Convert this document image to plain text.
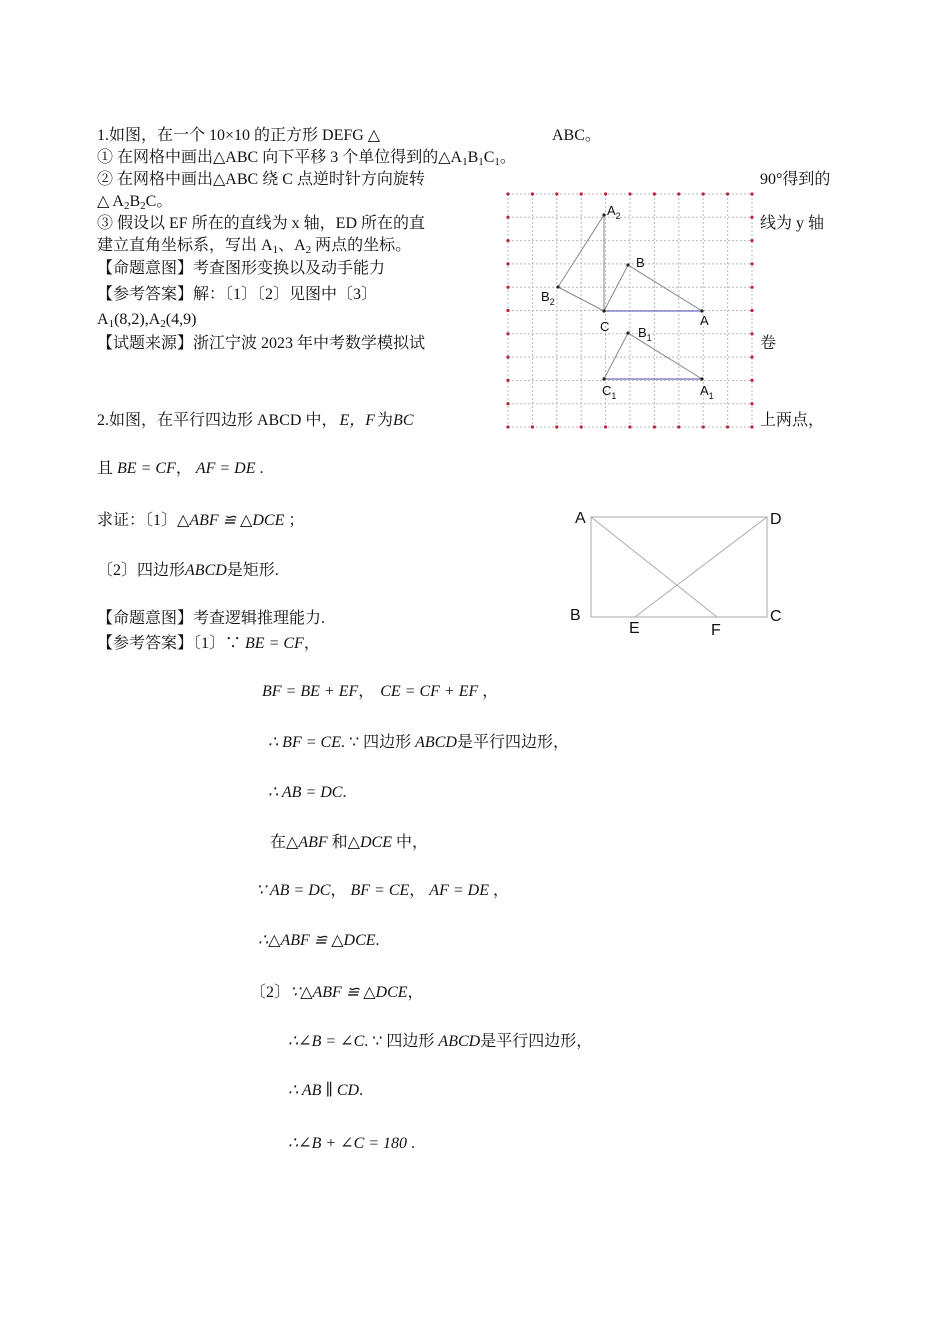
1.如图，在一个 10×10 的正方形 DEFG △	ABC。
① 在网格中画出△ABC 向下平移 3 个单位得到的$\triangle A_1B_1C_1$。
② 在网格中画出△ABC 绕 C 点逆时针方向旋转	90°得到的
△ $A_2B_2C$。
③ 假设以 EF 所在的直线为 x 轴，ED 所在的直	线为 y 轴
建立直角坐标系，写出 $A_1$、$A_2$ 两点的坐标。
【命题意图】考查图形变换以及动手能力
【参考答案】解：〔1〕〔2〕见图中〔3〕
$A_1(8,2),A_2(4,9)$
【试题来源】浙江宁波 2023 年中考数学模拟试	卷
$A_2$
B
$B_2$
C	A
$B_1$
$C_1$	$A_1$
2.如图，在平行四边形 ABCD 中， E，F 为BC	上两点，
且 BE = CF， AF = DE .
求证：〔1〕△ABF ≌ △DCE ；
〔2〕四边形ABCD是矩形.
【命题意图】考查逻辑推理能力.
【参考答案】〔1〕∵ BE = CF，
BF = BE + EF， CE = CF + EF ，
∴ BF = CE. ∵ 四边形 ABCD是平行四边形，
∴ AB = DC.
在△ABF 和△DCE 中，
∵ AB = DC， BF = CE， AF = DE ，
∴△ABF ≌ △DCE.
〔2〕∵△ABF ≌ △DCE，
∴∠B = ∠C. ∵ 四边形 ABCD是平行四边形，
∴ AB ∥ CD.
∴∠B + ∠C = 180 .
A	D
B	C
E	F
